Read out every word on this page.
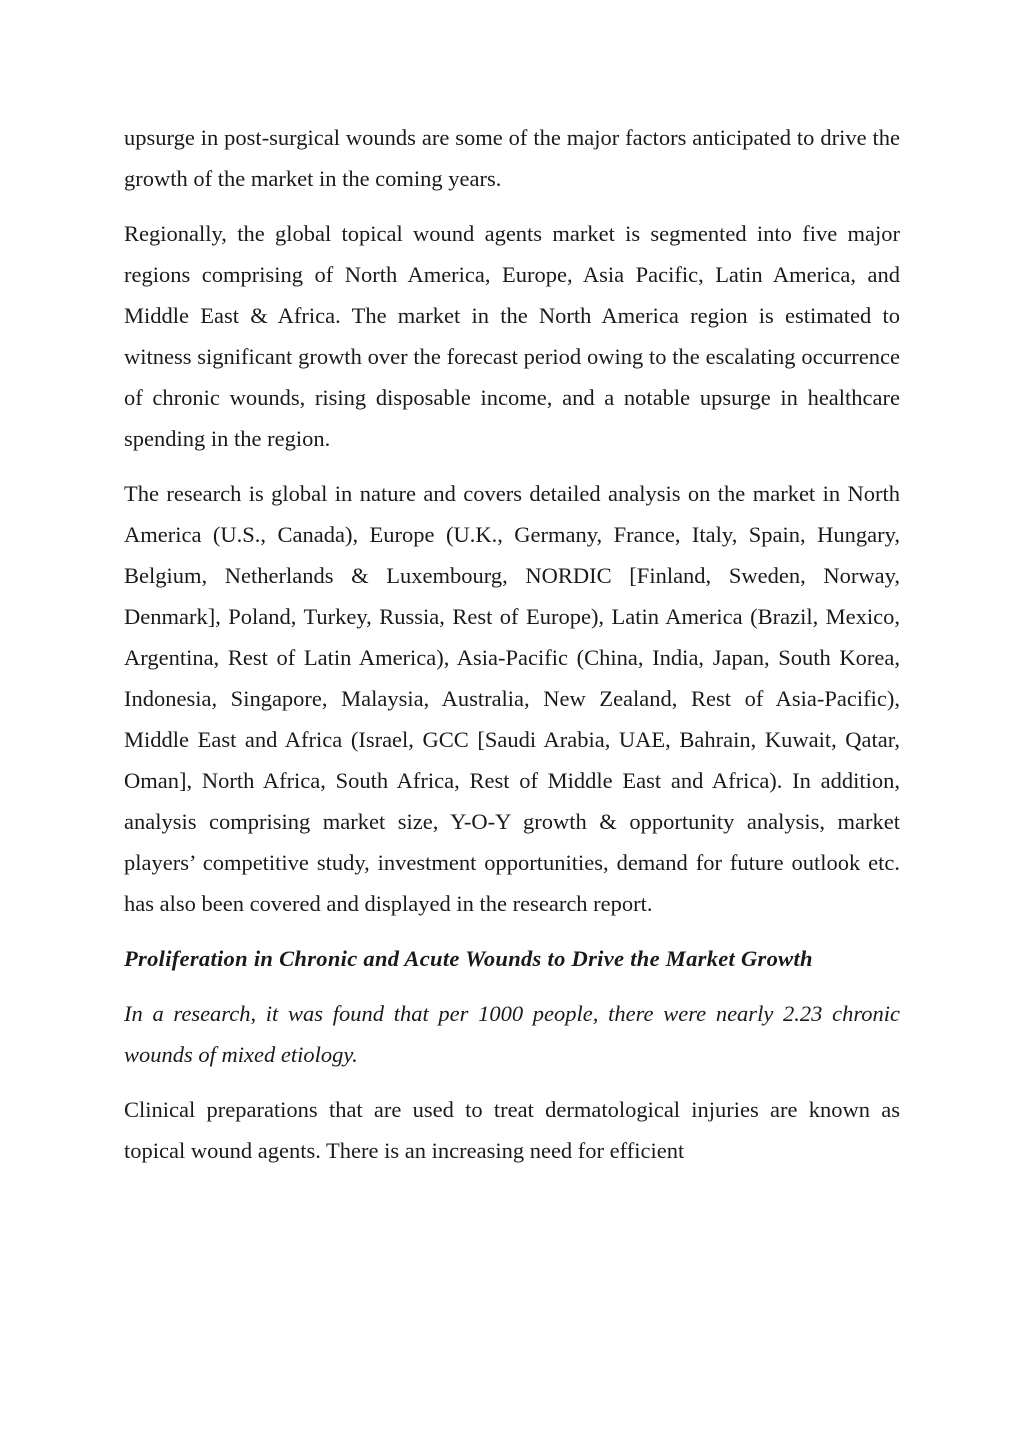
upsurge in post-surgical wounds are some of the major factors anticipated to drive the growth of the market in the coming years.

Regionally, the global topical wound agents market is segmented into five major regions comprising of North America, Europe, Asia Pacific, Latin America, and Middle East & Africa. The market in the North America region is estimated to witness significant growth over the forecast period owing to the escalating occurrence of chronic wounds, rising disposable income, and a notable upsurge in healthcare spending in the region.

The research is global in nature and covers detailed analysis on the market in North America (U.S., Canada), Europe (U.K., Germany, France, Italy, Spain, Hungary, Belgium, Netherlands & Luxembourg, NORDIC [Finland, Sweden, Norway, Denmark], Poland, Turkey, Russia, Rest of Europe), Latin America (Brazil, Mexico, Argentina, Rest of Latin America), Asia-Pacific (China, India, Japan, South Korea, Indonesia, Singapore, Malaysia, Australia, New Zealand, Rest of Asia-Pacific), Middle East and Africa (Israel, GCC [Saudi Arabia, UAE, Bahrain, Kuwait, Qatar, Oman], North Africa, South Africa, Rest of Middle East and Africa). In addition, analysis comprising market size, Y-O-Y growth & opportunity analysis, market players’ competitive study, investment opportunities, demand for future outlook etc. has also been covered and displayed in the research report.

Proliferation in Chronic and Acute Wounds to Drive the Market Growth

In a research, it was found that per 1000 people, there were nearly 2.23 chronic wounds of mixed etiology.

Clinical preparations that are used to treat dermatological injuries are known as topical wound agents. There is an increasing need for efficient
